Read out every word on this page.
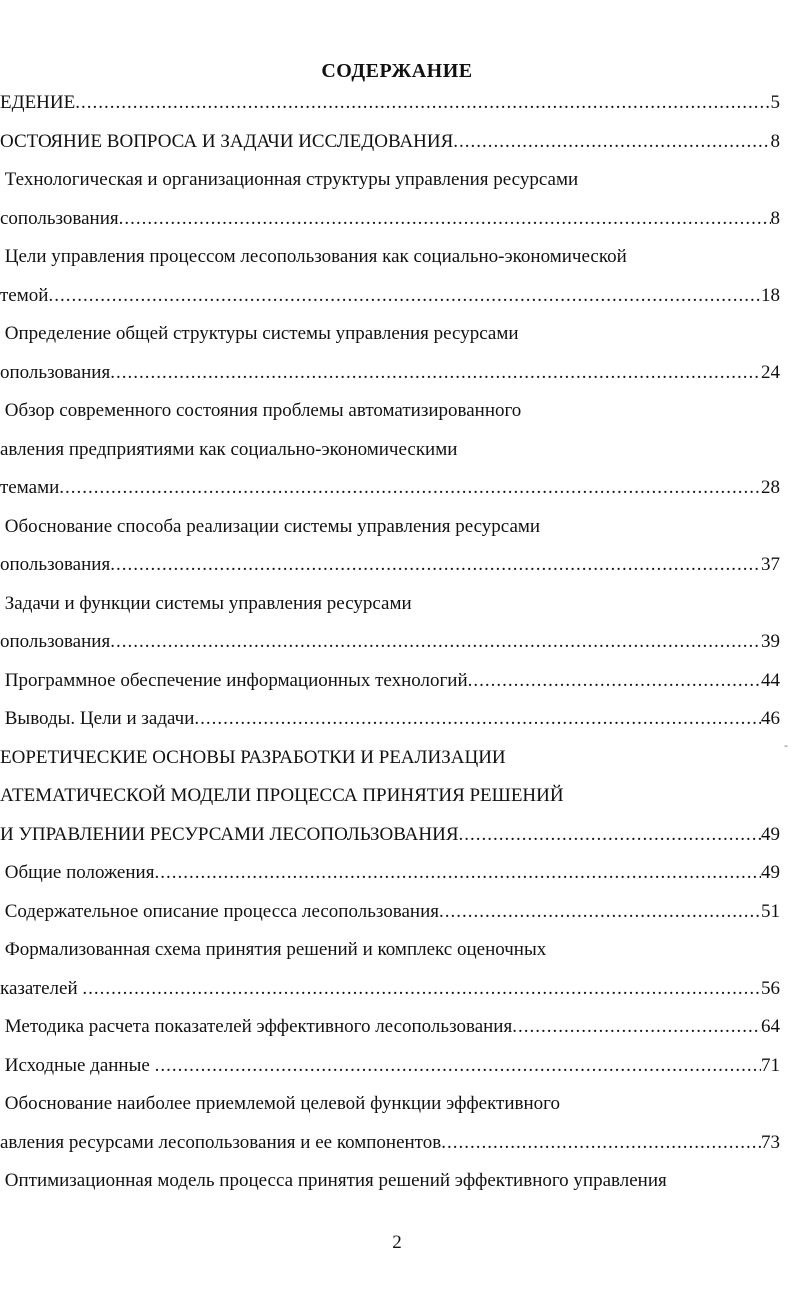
СОДЕРЖАНИЕ
ЕДЕНИЕ .....	5
ОСТОЯНИЕ ВОПРОСА И ЗАДАЧИ ИССЛЕДОВАНИЯ .....	8
Технологическая и организационная структуры управления ресурсами
сопользования .....	8
Цели управления процессом лесопользования как социально-экономической
темой .....	18
Определение общей структуры системы управления ресурсами
опользования .....	24
Обзор современного состояния проблемы автоматизированного
авления предприятиями как социально-экономическими
темами .....	28
Обоснование способа реализации системы управления ресурсами
опользования .....	37
Задачи и функции системы управления ресурсами
опользования .....	39
Программное обеспечение информационных технологий .....	44
Выводы. Цели и задачи .....	46
ЕОРЕТИЧЕСКИЕ ОСНОВЫ РАЗРАБОТКИ И РЕАЛИЗАЦИИ
АТЕМАТИЧЕСКОЙ МОДЕЛИ ПРОЦЕССА ПРИНЯТИЯ РЕШЕНИЙ
И УПРАВЛЕНИИ РЕСУРСАМИ ЛЕСОПОЛЬЗОВАНИЯ .....	49
Общие положения .....	49
Содержательное описание процесса лесопользования .....	51
Формализованная схема принятия решений и комплекс оценочных
казателей .....	56
Методика расчета показателей эффективного лесопользования .....	64
Исходные данные .....	71
Обоснование наиболее приемлемой целевой функции эффективного
авления ресурсами лесопользования и ее компонентов .....	73
Оптимизационная модель процесса принятия решений эффективного управления
-
2
